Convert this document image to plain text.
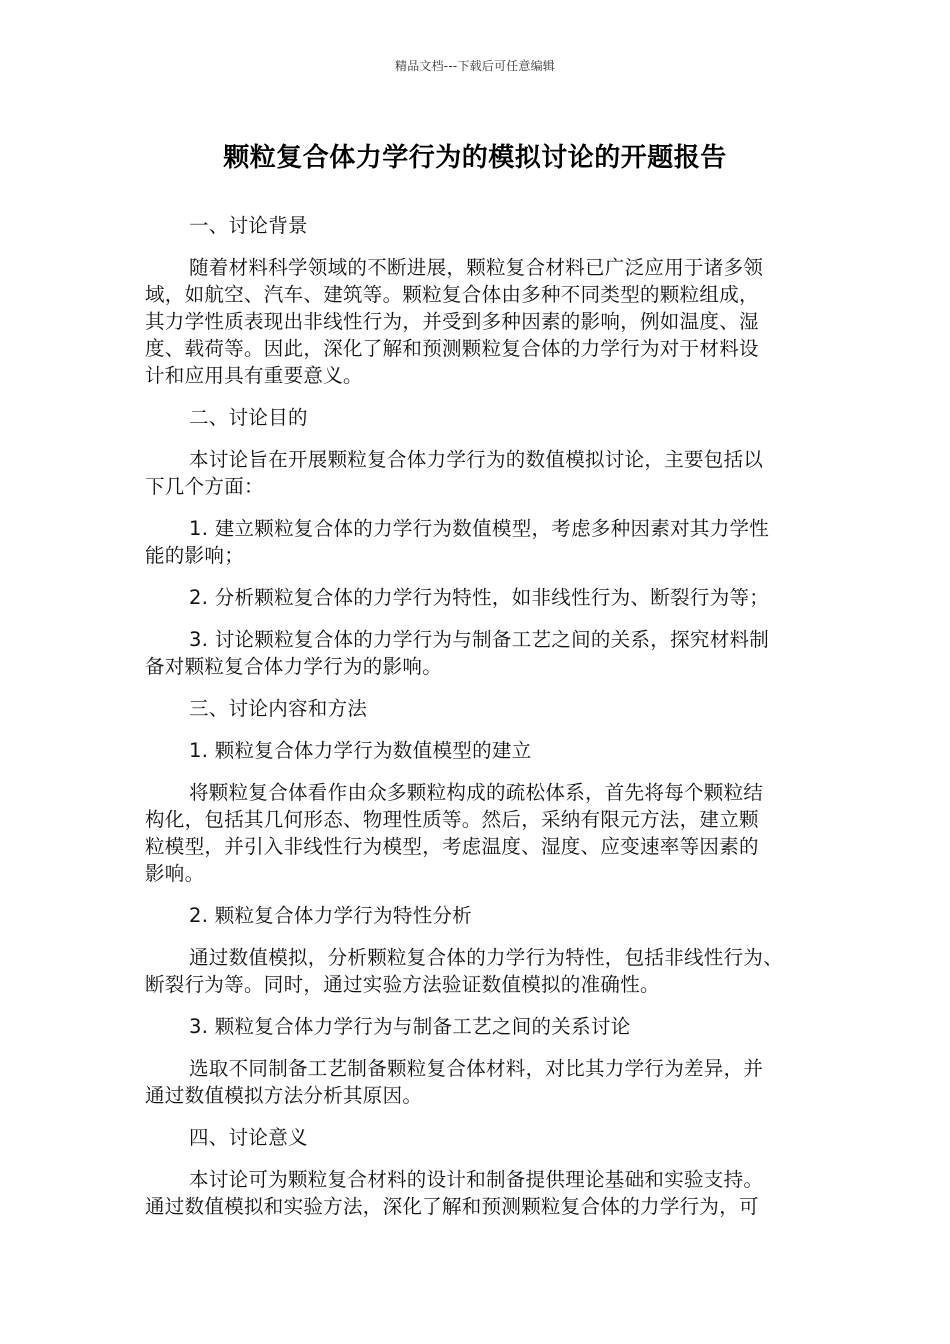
精品文档---下载后可任意编辑
颗粒复合体力学行为的模拟讨论的开题报告
一、讨论背景
随着材料科学领域的不断进展，颗粒复合材料已广泛应用于诸多领
域，如航空、汽车、建筑等。颗粒复合体由多种不同类型的颗粒组成，
其力学性质表现出非线性行为，并受到多种因素的影响，例如温度、湿
度、载荷等。因此，深化了解和预测颗粒复合体的力学行为对于材料设
计和应用具有重要意义。
二、讨论目的
本讨论旨在开展颗粒复合体力学行为的数值模拟讨论，主要包括以
下几个方面：
1. 建立颗粒复合体的力学行为数值模型，考虑多种因素对其力学性
能的影响；
2. 分析颗粒复合体的力学行为特性，如非线性行为、断裂行为等；
3. 讨论颗粒复合体的力学行为与制备工艺之间的关系，探究材料制
备对颗粒复合体力学行为的影响。
三、讨论内容和方法
1. 颗粒复合体力学行为数值模型的建立
将颗粒复合体看作由众多颗粒构成的疏松体系，首先将每个颗粒结
构化，包括其几何形态、物理性质等。然后，采纳有限元方法，建立颗
粒模型，并引入非线性行为模型，考虑温度、湿度、应变速率等因素的
影响。
2. 颗粒复合体力学行为特性分析
通过数值模拟，分析颗粒复合体的力学行为特性，包括非线性行为、
断裂行为等。同时，通过实验方法验证数值模拟的准确性。
3. 颗粒复合体力学行为与制备工艺之间的关系讨论
选取不同制备工艺制备颗粒复合体材料，对比其力学行为差异，并
通过数值模拟方法分析其原因。
四、讨论意义
本讨论可为颗粒复合材料的设计和制备提供理论基础和实验支持。
通过数值模拟和实验方法，深化了解和预测颗粒复合体的力学行为，可
